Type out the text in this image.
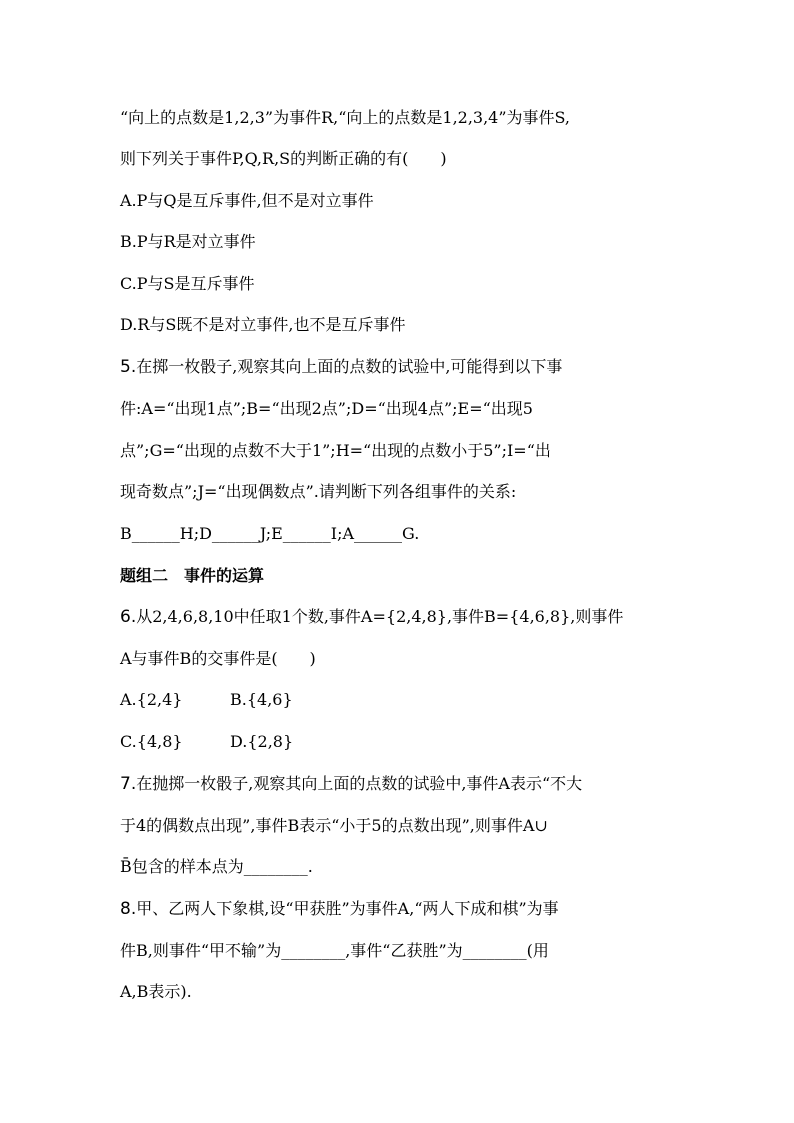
“向上的点数是1,2,3”为事件R,“向上的点数是1,2,3,4”为事件S,
则下列关于事件P,Q,R,S的判断正确的有(　　)
A.P与Q是互斥事件,但不是对立事件
B.P与R是对立事件
C.P与S是互斥事件
D.R与S既不是对立事件,也不是互斥事件
5.在掷一枚骰子,观察其向上面的点数的试验中,可能得到以下事
件:A=“出现1点”;B=“出现2点”;D=“出现4点”;E=“出现5
点”;G=“出现的点数不大于1”;H=“出现的点数小于5”;I=“出
现奇数点”;J=“出现偶数点”.请判断下列各组事件的关系:
B______H;D______J;E______I;A______G.
题组二　事件的运算
6.从2,4,6,8,10中任取1个数,事件A={2,4,8},事件B={4,6,8},则事件
A与事件B的交事件是(　　)
A.{2,4}	B.{4,6}
C.{4,8}	D.{2,8}
7.在抛掷一枚骰子,观察其向上面的点数的试验中,事件A表示“不大
于4的偶数点出现”,事件B表示“小于5的点数出现”,则事件A∪
B̄包含的样本点为________.
8.甲、乙两人下象棋,设“甲获胜”为事件A,“两人下成和棋”为事
件B,则事件“甲不输”为________,事件“乙获胜”为________(用
A,B表示).
